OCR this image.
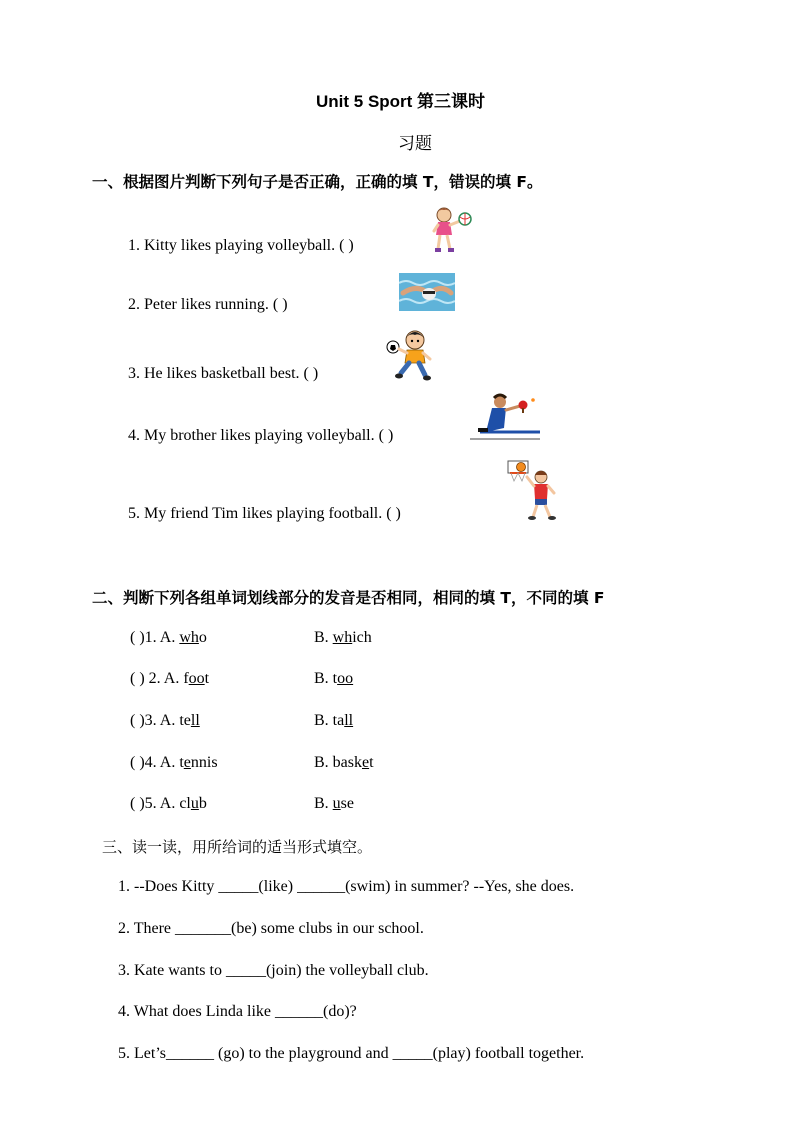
Unit 5 Sport 第三课时
习题
一、根据图片判断下列句子是否正确，正确的填 T，错误的填 F。
1. Kitty likes playing volleyball. ( )
2. Peter likes running. ( )
3. He likes basketball best. ( )
4. My brother likes playing volleyball. ( )
5. My friend Tim likes playing football. ( )
二、判断下列各组单词划线部分的发音是否相同，相同的填 T，不同的填 F
( )1. A. who	B. which
( ) 2. A. foot	B. too
( )3. A. tell	B. tall
( )4. A. tennis	B. basket
( )5. A. club	B. use
三、读一读，用所给词的适当形式填空。
1. --Does Kitty _____(like) ______(swim) in summer? --Yes, she does.
2. There _______(be) some clubs in our school.
3. Kate wants to _____(join) the volleyball club.
4. What does Linda like ______(do)?
5. Let’s______ (go) to the playground and _____(play) football together.
